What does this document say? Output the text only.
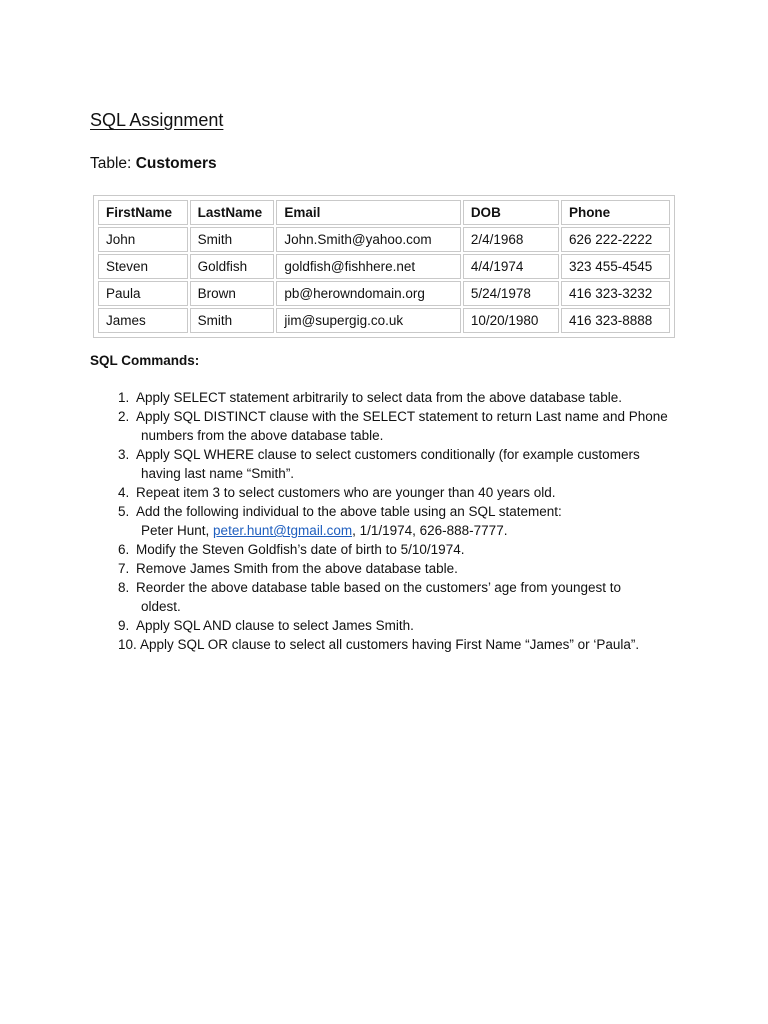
SQL Assignment

Table: Customers

FirstName	LastName	Email	DOB	Phone
John	Smith	John.Smith@yahoo.com	2/4/1968	626 222-2222
Steven	Goldfish	goldfish@fishhere.net	4/4/1974	323 455-4545
Paula	Brown	pb@herowndomain.org	5/24/1978	416 323-3232
James	Smith	jim@supergig.co.uk	10/20/1980	416 323-8888

SQL Commands:

1. Apply SELECT statement arbitrarily to select data from the above database table.
2. Apply SQL DISTINCT clause with the SELECT statement to return Last name and Phone
numbers from the above database table.
3. Apply SQL WHERE clause to select customers conditionally (for example customers
having last name “Smith”.
4. Repeat item 3 to select customers who are younger than 40 years old.
5. Add the following individual to the above table using an SQL statement:
Peter Hunt, peter.hunt@tgmail.com, 1/1/1974, 626-888-7777.
6. Modify the Steven Goldfish’s date of birth to 5/10/1974.
7. Remove James Smith from the above database table.
8. Reorder the above database table based on the customers’ age from youngest to
oldest.
9. Apply SQL AND clause to select James Smith.
10. Apply SQL OR clause to select all customers having First Name “James” or ‘Paula”.
